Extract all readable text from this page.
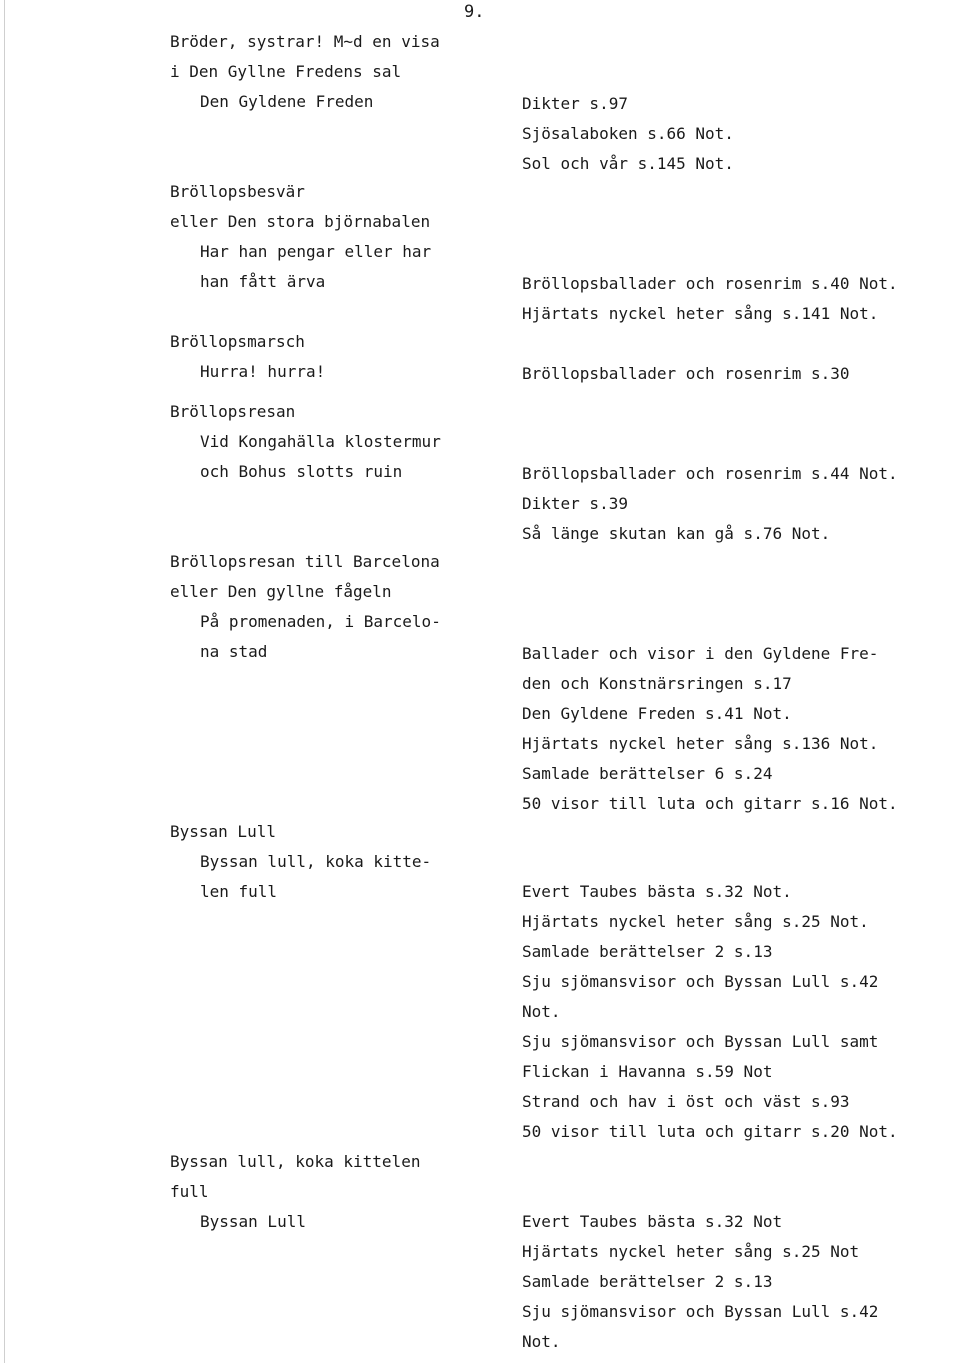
9.
Bröder, systrar! M~d en visa
i Den Gyllne Fredens sal
Den Gyldene Freden
Bröllopsbesvär
eller Den stora björnabalen
Har han pengar eller har
han fått ärva
Bröllopsmarsch
Hurra! hurra!
Bröllopsresan
Vid Kongahälla klostermur
och Bohus slotts ruin
Bröllopsresan till Barcelona
eller Den gyllne fågeln
På promenaden, i Barcelo-
na stad
Byssan Lull
Byssan lull, koka kitte-
len full
Byssan lull, koka kittelen
full
Byssan Lull
Dikter s.97
Sjösalaboken s.66 Not.
Sol och vår s.145 Not.
Bröllopsballader och rosenrim s.40 Not.
Hjärtats nyckel heter sång s.141 Not.
Bröllopsballader och rosenrim s.30
Bröllopsballader och rosenrim s.44 Not.
Dikter s.39
Så länge skutan kan gå s.76 Not.
Ballader och visor i den Gyldene Fre-
den och Konstnärsringen s.17
Den Gyldene Freden s.41 Not.
Hjärtats nyckel heter sång s.136 Not.
Samlade berättelser 6 s.24
50 visor till luta och gitarr s.16 Not.
Evert Taubes bästa s.32 Not.
Hjärtats nyckel heter sång s.25 Not.
Samlade berättelser 2 s.13
Sju sjömansvisor och Byssan Lull s.42
Not.
Sju sjömansvisor och Byssan Lull samt
Flickan i Havanna s.59 Not
Strand och hav i öst och väst s.93
50 visor till luta och gitarr s.20 Not.
Evert Taubes bästa s.32 Not
Hjärtats nyckel heter sång s.25 Not
Samlade berättelser 2 s.13
Sju sjömansvisor och Byssan Lull s.42
Not.
